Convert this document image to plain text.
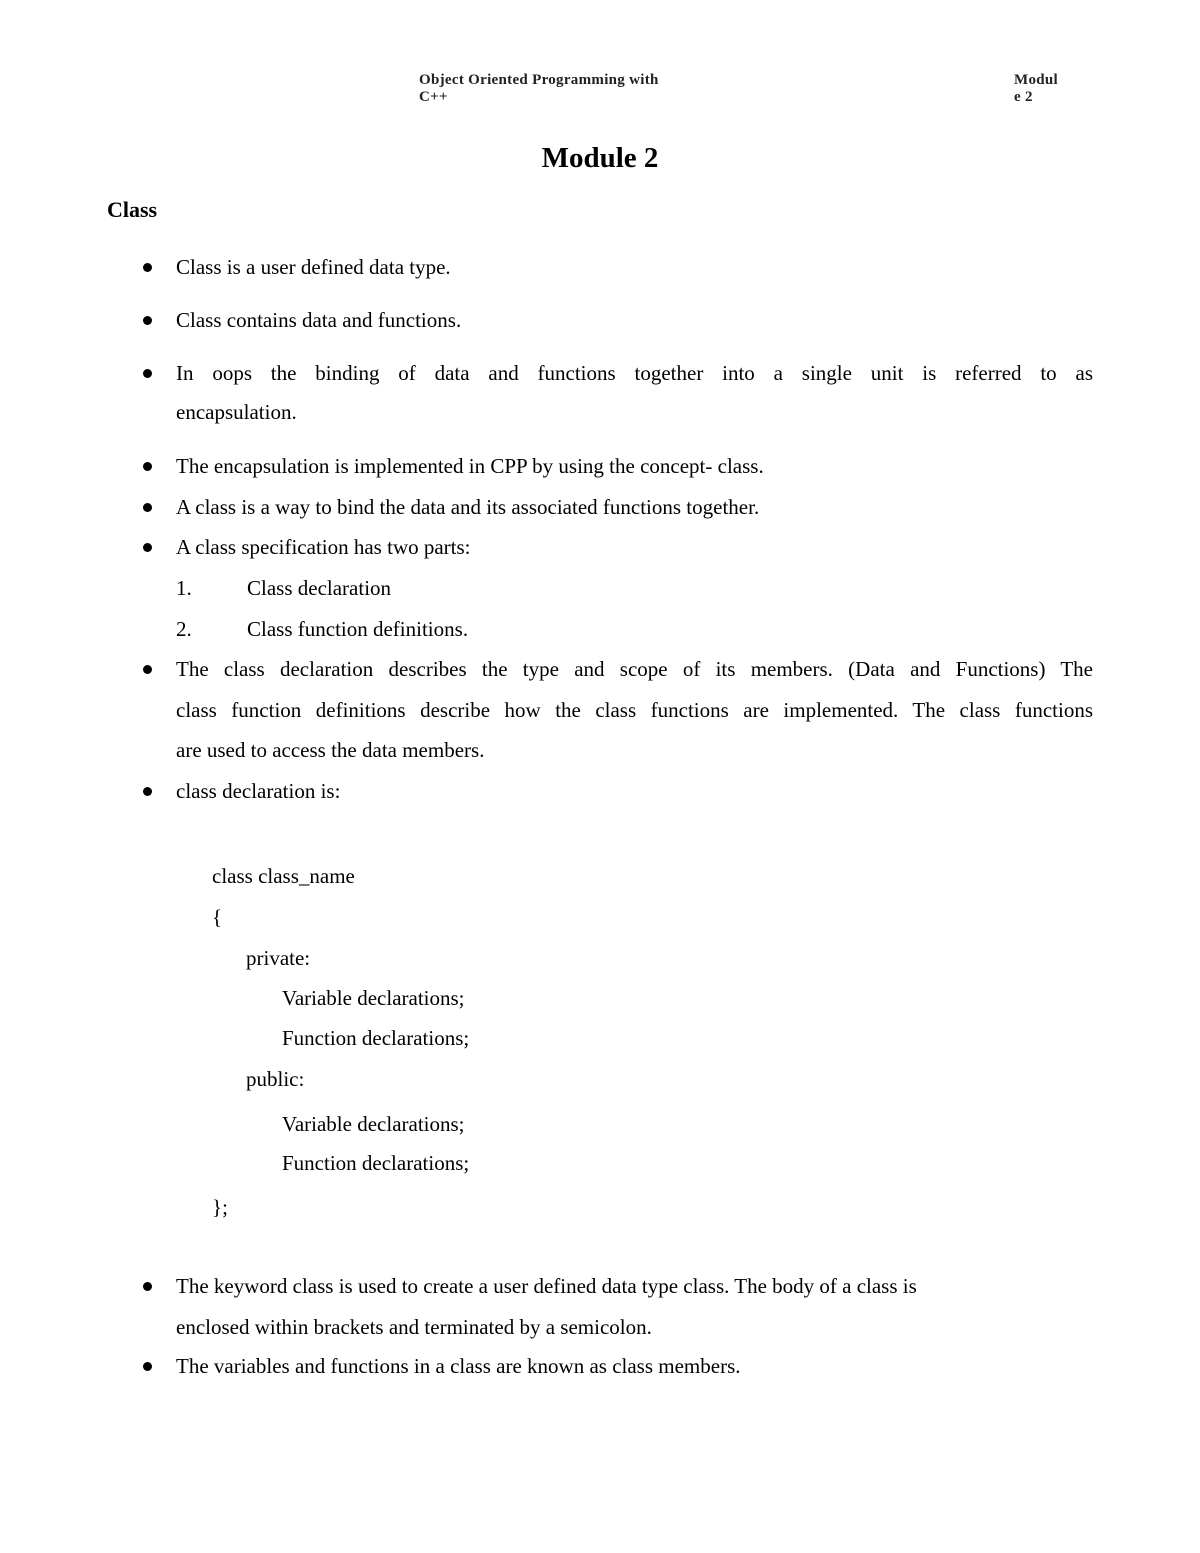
Object Oriented Programming with
C++
Modul
e 2
Module 2
Class
Class is a user defined data type.
Class contains data and functions.
In oops the binding of data and functions together into a single unit is referred to as
encapsulation.
The encapsulation is implemented in CPP by using the concept- class.
A class is a way to bind the data and its associated functions together.
A class specification has two parts:
1.	Class declaration
2.	Class function definitions.
The class declaration describes the type and scope of its members. (Data and Functions) The
class function definitions describe how the class functions are implemented. The class functions
are used to access the data members.
class declaration is:
class class_name
{
private:
Variable declarations;
Function declarations;
public:
Variable declarations;
Function declarations;
};
The keyword class is used to create a user defined data type class. The body of a class is
enclosed within brackets and terminated by a semicolon.
The variables and functions in a class are known as class members.
